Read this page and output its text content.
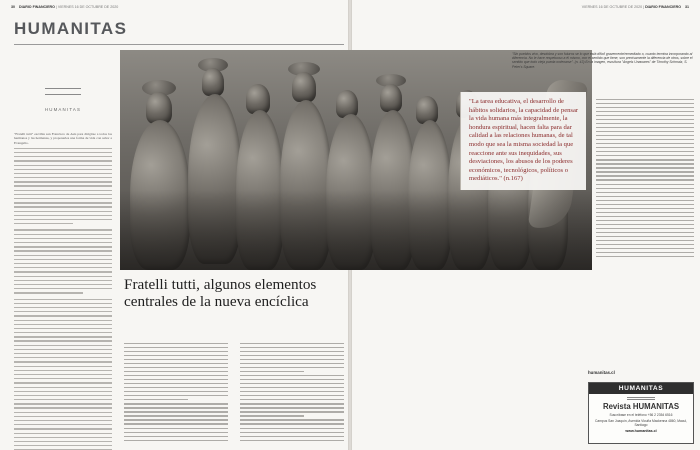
30 DIARIO FINANCIERO | VIERNES 16 DE OCTUBRE DE 2020
HUMANITAS
HUMANITAS

"Fratelli tutti" escribía san Francisco de Asís para dirigirse a todos los hermanos y las hermanas, y proponerles una forma de vida con sabor a Evangelio.

Fratelli tutti, algunos elementos centrales de la nueva encíclica
VIERNES 16 DE OCTUBRE DE 2020 | DIARIO FINANCIERO 31
"Sin pueblos vivo, desdobra y son futuros se lo que está difícil gravemente/remediado o, cuanto termina incorporando al diferencia. No le hace respetuoso a él mismo, con el sentido que tiene, son precisamente la diferencia de otros, sobre el sentido que todo vieja pueda ordenarse". (n. 43) En la imagen, escultura "Angels Unawares" de Timothy Schmalz, S. Peter's Square.
"La tarea educativa, el desarrollo de hábitos solidarios, la capacidad de pensar la vida humana más integralmente, la hondura espiritual, hacen falta para dar calidad a las relaciones humanas, de tal modo que sea la misma sociedad la que reaccione ante sus inequidades, sus desviaciones, los abusos de los poderes económicos, tecnológicos, políticos o mediáticos." (n.167)
humanitas.cl
HUMANITAS
Revista HUMANITAS
Suscríbase en el teléfono +56 2 2354 6516
Campus San Joaquín, Avenida Vicuña Mackenna 4860, Macul, Santiago
www.humanitas.cl
